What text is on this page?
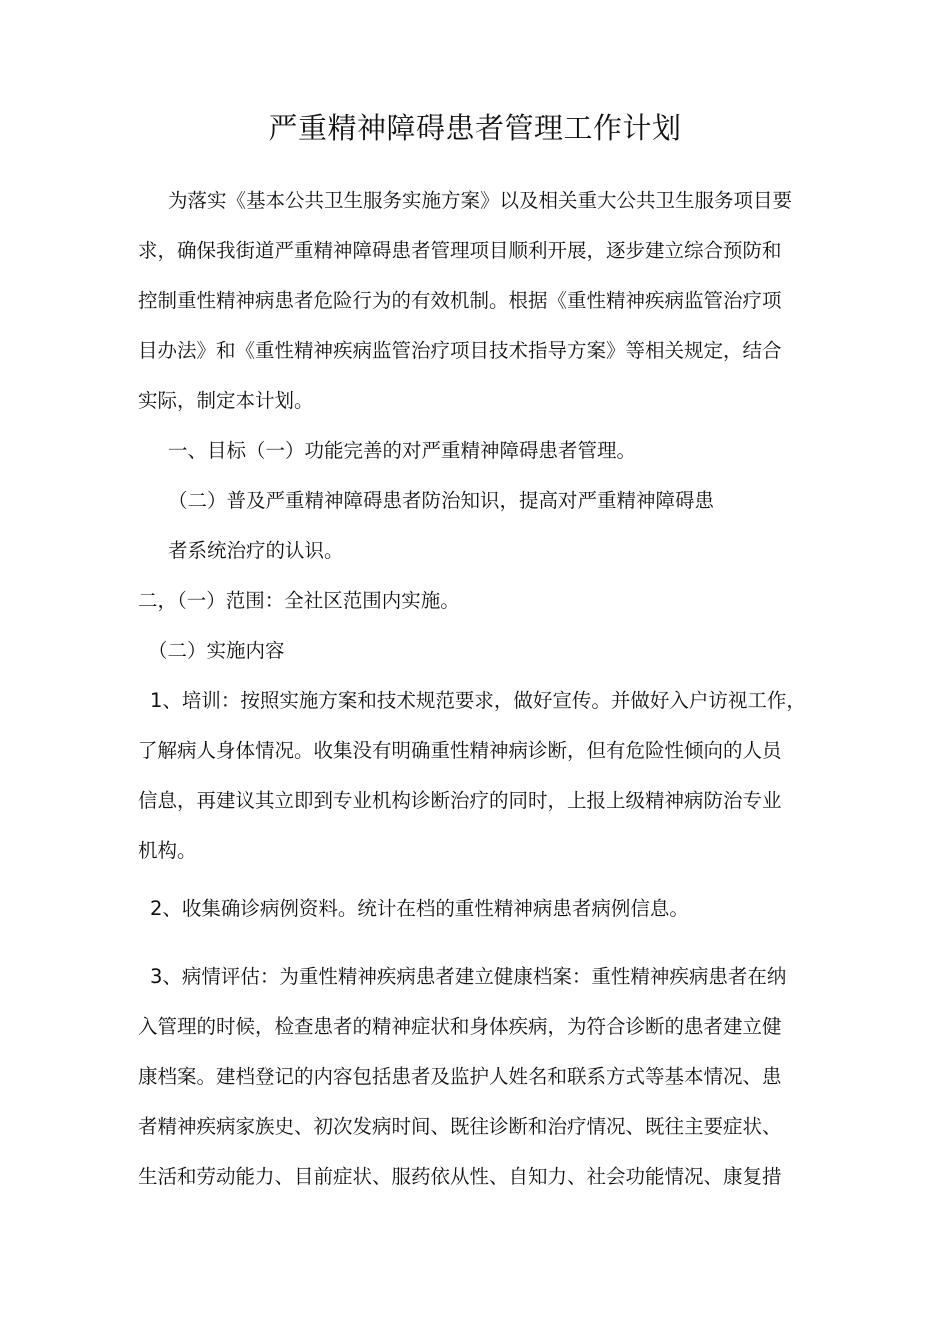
严重精神障碍患者管理工作计划
为落实《基本公共卫生服务实施方案》以及相关重大公共卫生服务项目要
求，确保我街道严重精神障碍患者管理项目顺利开展，逐步建立综合预防和
控制重性精神病患者危险行为的有效机制。根据《重性精神疾病监管治疗项
目办法》和《重性精神疾病监管治疗项目技术指导方案》等相关规定，结合
实际，制定本计划。
一、目标（一）功能完善的对严重精神障碍患者管理。
（二）普及严重精神障碍患者防治知识，提高对严重精神障碍患
者系统治疗的认识。
二，（一）范围：全社区范围内实施。
（二）实施内容
1、培训：按照实施方案和技术规范要求，做好宣传。并做好入户访视工作，
了解病人身体情况。收集没有明确重性精神病诊断，但有危险性倾向的人员
信息，再建议其立即到专业机构诊断治疗的同时，上报上级精神病防治专业
机构。
2、收集确诊病例资料。统计在档的重性精神病患者病例信息。
3、病情评估：为重性精神疾病患者建立健康档案：重性精神疾病患者在纳
入管理的时候，检查患者的精神症状和身体疾病，为符合诊断的患者建立健
康档案。建档登记的内容包括患者及监护人姓名和联系方式等基本情况、患
者精神疾病家族史、初次发病时间、既往诊断和治疗情况、既往主要症状、
生活和劳动能力、目前症状、服药依从性、自知力、社会功能情况、康复措
